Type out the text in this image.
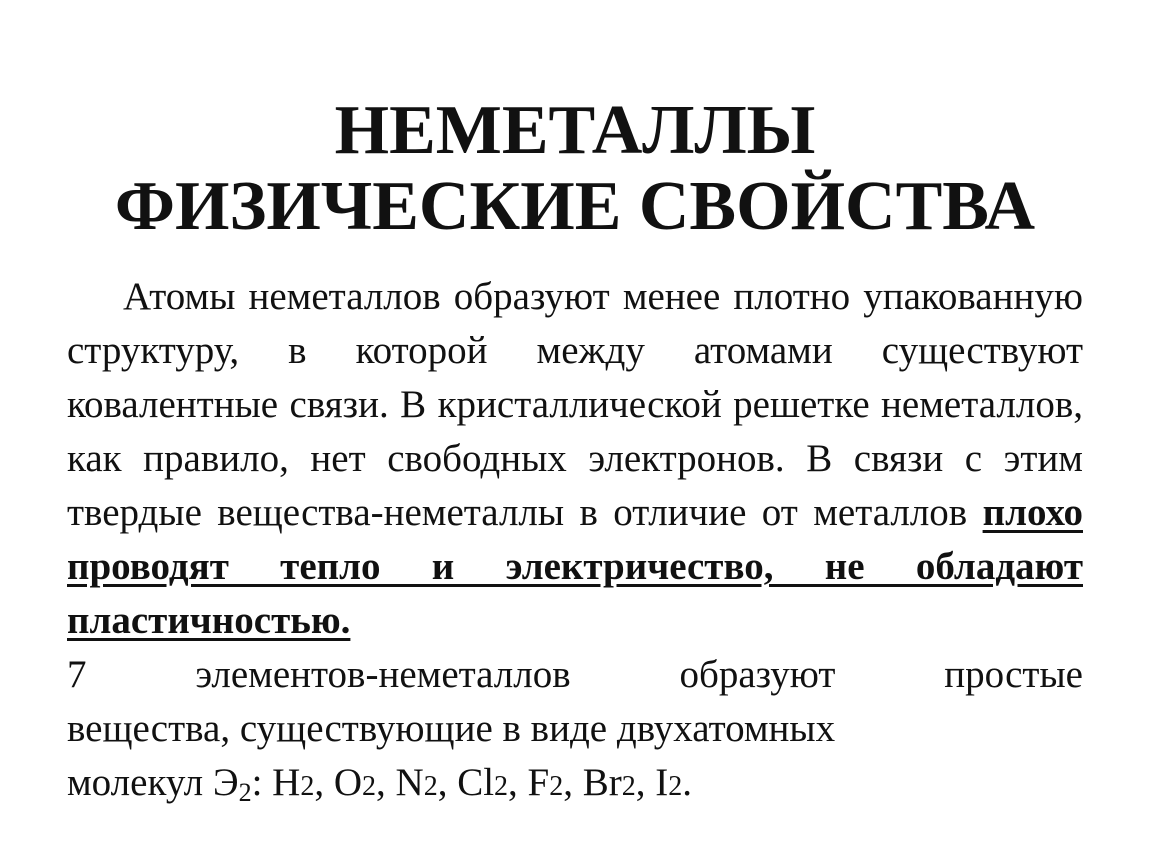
НЕМЕТАЛЛЫ
ФИЗИЧЕСКИЕ СВОЙСТВА

Атомы неметаллов образуют менее плотно упакованную структуру, в которой между атомами существуют ковалентные связи. В кристаллической решетке неметаллов, как правило, нет свободных электронов. В связи с этим твердые вещества-неметаллы в отличие от металлов плохо проводят тепло и электричество, не обладают пластичностью.

7	элементов-неметаллов	образуют	простые
вещества, существующие в виде двухатомных
молекул $Э_2$: H2, O2, N2, Cl2, F2, Br2, I2.
